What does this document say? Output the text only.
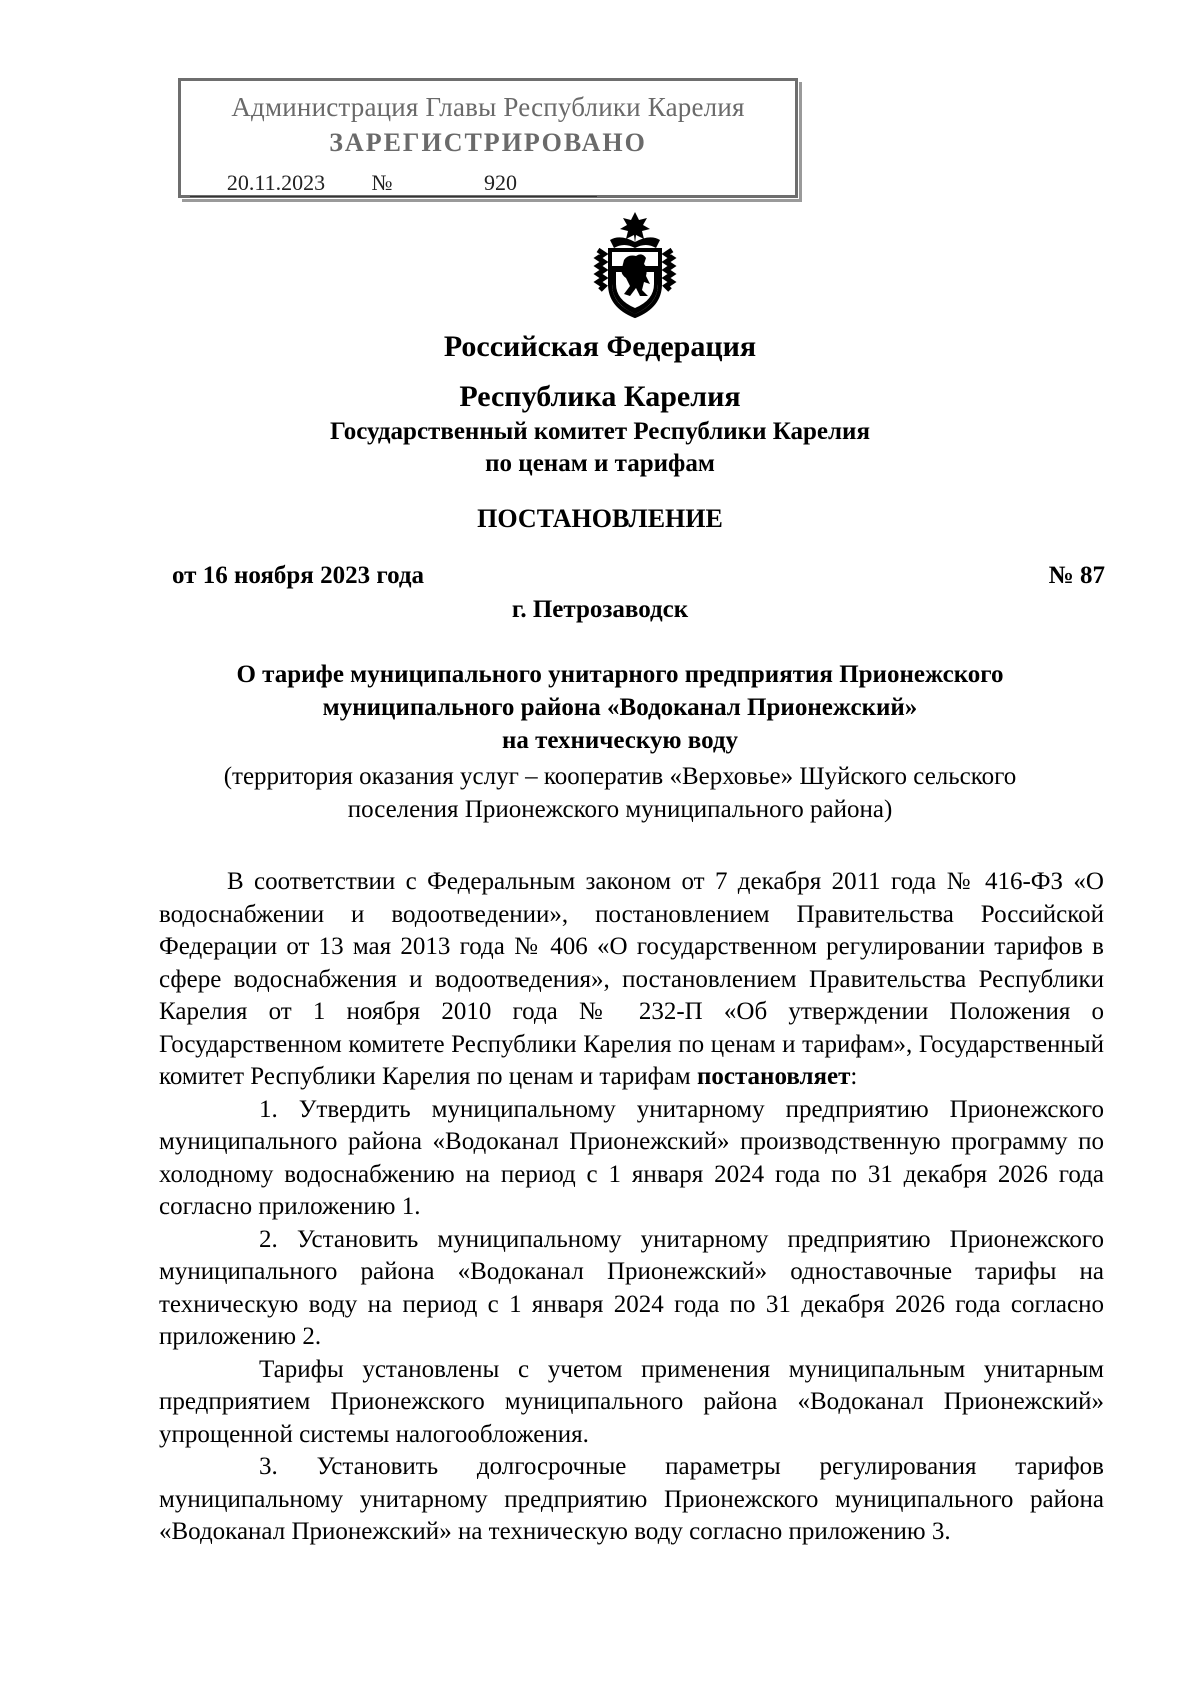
Администрация Главы Республики Карелия
ЗАРЕГИСТРИРОВАНО
20.11.2023	№	920
Российская Федерация
Республика Карелия
Государственный комитет Республики Карелия
по ценам и тарифам
ПОСТАНОВЛЕНИЕ
от 16 ноября 2023 года	№ 87
г. Петрозаводск
О тарифе муниципального унитарного предприятия Прионежского
муниципального района «Водоканал Прионежский»
на техническую воду
(территория оказания услуг – кооператив «Верховье» Шуйского сельского
поселения Прионежского муниципального района)

В соответствии с Федеральным законом от 7 декабря 2011 года № 416-ФЗ «О водоснабжении и водоотведении», постановлением Правительства Российской Федерации от 13 мая 2013 года № 406 «О государственном регулировании тарифов в сфере водоснабжения и водоотведения», постановлением Правительства Республики Карелия от 1 ноября 2010 года № 232-П «Об утверждении Положения о Государственном комитете Республики Карелия по ценам и тарифам», Государственный комитет Республики Карелия по ценам и тарифам постановляет:

1. Утвердить муниципальному унитарному предприятию Прионежского муниципального района «Водоканал Прионежский» производственную программу по холодному водоснабжению на период с 1 января 2024 года по 31 декабря 2026 года согласно приложению 1.

2. Установить муниципальному унитарному предприятию Прионежского муниципального района «Водоканал Прионежский» одноставочные тарифы на техническую воду на период с 1 января 2024 года по 31 декабря 2026 года согласно приложению 2.

Тарифы установлены с учетом применения муниципальным унитарным предприятием Прионежского муниципального района «Водоканал Прионежский» упрощенной системы налогообложения.

3. Установить долгосрочные параметры регулирования тарифов муниципальному унитарному предприятию Прионежского муниципального района «Водоканал Прионежский» на техническую воду согласно приложению 3.
